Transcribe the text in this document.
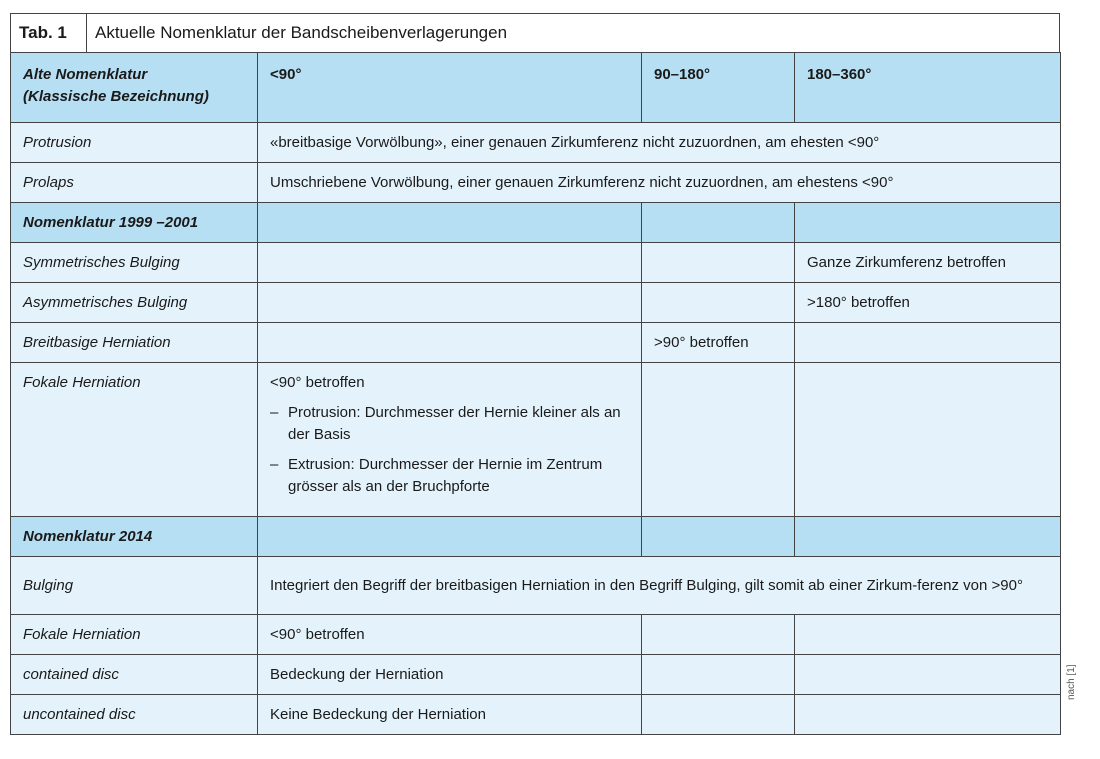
Tab. 1	Aktuelle Nomenklatur der Bandscheibenverlagerungen
Alte Nomenklatur
(Klassische Bezeichnung)	<90°	90–180°	180–360°
Protrusion	«breitbasige Vorwölbung», einer genauen Zirkumferenz nicht zuzuordnen, am ehesten <90°		
Prolaps	Umschriebene Vorwölbung, einer genauen Zirkumferenz nicht zuzuordnen, am ehestens <90°		
Nomenklatur 1999 –2001			
Symmetrisches Bulging			Ganze Zirkumferenz betroffen
Asymmetrisches Bulging			>180° betroffen
Breitbasige Herniation		>90° betroffen	
Fokale Herniation	<90° betroffen
– Protrusion: Durchmesser der Hernie kleiner als an der Basis
– Extrusion: Durchmesser der Hernie im Zentrum grösser als an der Bruchpforte		

Nomenklatur 2014			
Bulging	Integriert den Begriff der breitbasigen Herniation in den Begriff Bulging, gilt somit ab einer Zirkum-ferenz von >90°		
Fokale Herniation	<90° betroffen		
contained disc	Bedeckung der Herniation		
uncontained disc	Keine Bedeckung der Herniation		
nach [1]
